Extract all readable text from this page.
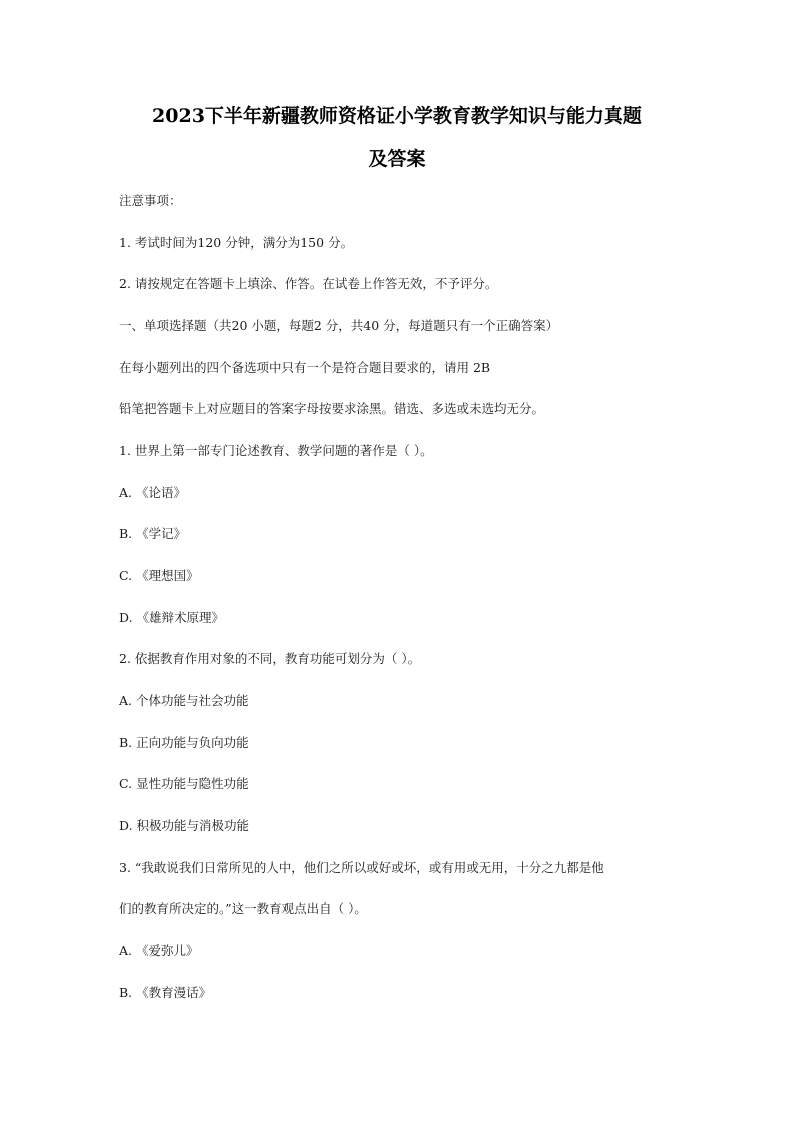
2023下半年新疆教师资格证小学教育教学知识与能力真题
及答案
注意事项：
1. 考试时间为120 分钟，满分为150 分。
2. 请按规定在答题卡上填涂、作答。在试卷上作答无效，不予评分。
一、单项选择题（共20 小题，每题2 分，共40 分，每道题只有一个正确答案）
在每小题列出的四个备选项中只有一个是符合题目要求的，请用 2B
铅笔把答题卡上对应题目的答案字母按要求涂黑。错选、多选或未选均无分。
1. 世界上第一部专门论述教育、教学问题的著作是（ ）。
A. 《论语》
B. 《学记》
C. 《理想国》
D. 《雄辩术原理》
2. 依据教育作用对象的不同，教育功能可划分为（ ）。
A. 个体功能与社会功能
B. 正向功能与负向功能
C. 显性功能与隐性功能
D. 积极功能与消极功能
3. “我敢说我们日常所见的人中，他们之所以或好或坏，或有用或无用，十分之九都是他
们的教育所决定的。”这一教育观点出自（ ）。
A. 《爱弥儿》
B. 《教育漫话》
